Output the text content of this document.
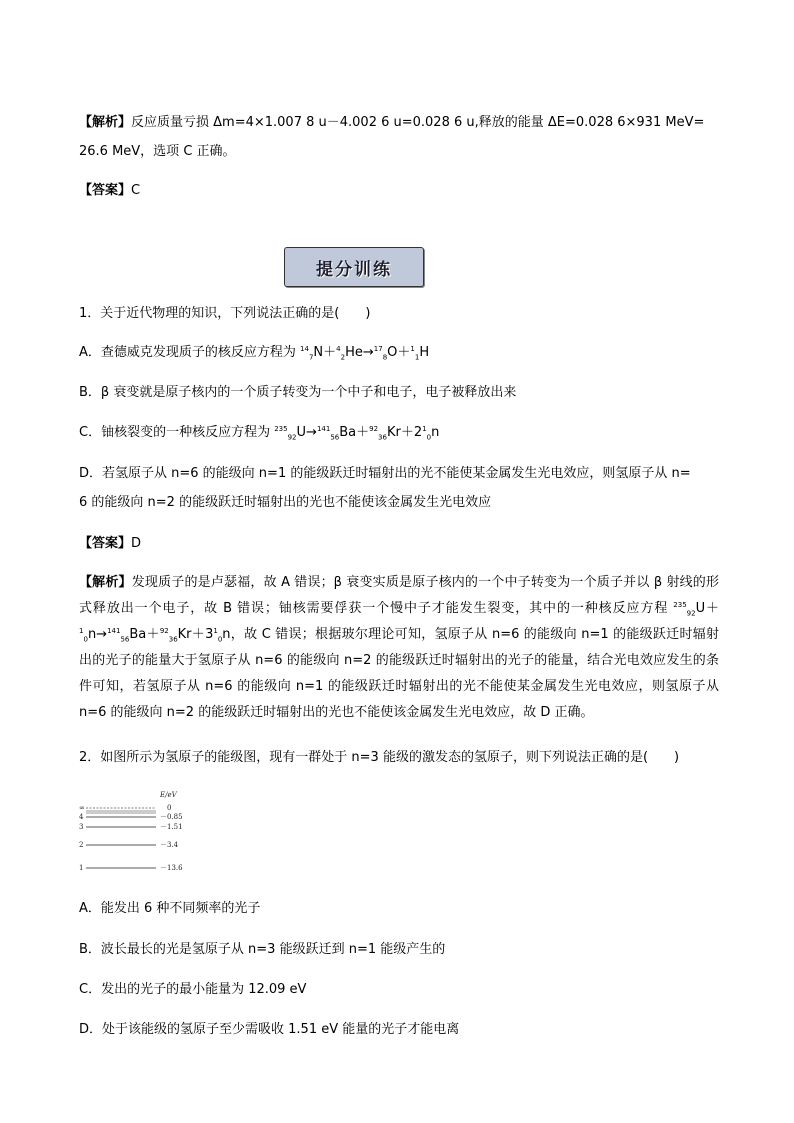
【解析】反应质量亏损 Δm=4×1.007 8 u－4.002 6 u=0.028 6 u,释放的能量 ΔE=0.028 6×931 MeV=
26.6 MeV，选项 C 正确。
【答案】C
提分训练
1．关于近代物理的知识，下列说法正确的是(　　)
A．查德威克发现质子的核反应方程为 $^{14}_7$N＋$^4_2$He→$^{17}_8$O＋$^1_1$H
B．β 衰变就是原子核内的一个质子转变为一个中子和电子，电子被释放出来
C．铀核裂变的一种核反应方程为 $^{235}_{92}U\to^{141}_{56}Ba+^{92}_{36}Kr+2^1_0n$
D．若氢原子从 n=6 的能级向 n=1 的能级跃迁时辐射出的光不能使某金属发生光电效应，则氢原子从 n=
6 的能级向 n=2 的能级跃迁时辐射出的光也不能使该金属发生光电效应
【答案】D
【解析】发现质子的是卢瑟福，故 A 错误；β 衰变实质是原子核内的一个中子转变为一个质子并以 β 射线的形式释放出一个电子，故 B 错误；铀核需要俘获一个慢中子才能发生裂变，其中的一种核反应方程 $^{235}_{92}U+^1_0n\to^{141}_{56}Ba+^{92}_{36}Kr+3^1_0n$，故 C 错误；根据玻尔理论可知，氢原子从 n=6 的能级向 n=1 的能级跃迁时辐射出的光子的能量大于氢原子从 n=6 的能级向 n=2 的能级跃迁时辐射出的光子的能量，结合光电效应发生的条件可知，若氢原子从 n=6 的能级向 n=1 的能级跃迁时辐射出的光不能使某金属发生光电效应，则氢原子从 n=6 的能级向 n=2 的能级跃迁时辐射出的光也不能使该金属发生光电效应，故 D 正确。
2．如图所示为氢原子的能级图，现有一群处于 n=3 能级的激发态的氢原子，则下列说法正确的是(　　)
E/eV
∞	0
4	－0.85
3	－1.51
2	－3.4
1	－13.6
A．能发出 6 种不同频率的光子
B．波长最长的光是氢原子从 n=3 能级跃迁到 n=1 能级产生的
C．发出的光子的最小能量为 12.09 eV
D．处于该能级的氢原子至少需吸收 1.51 eV 能量的光子才能电离
